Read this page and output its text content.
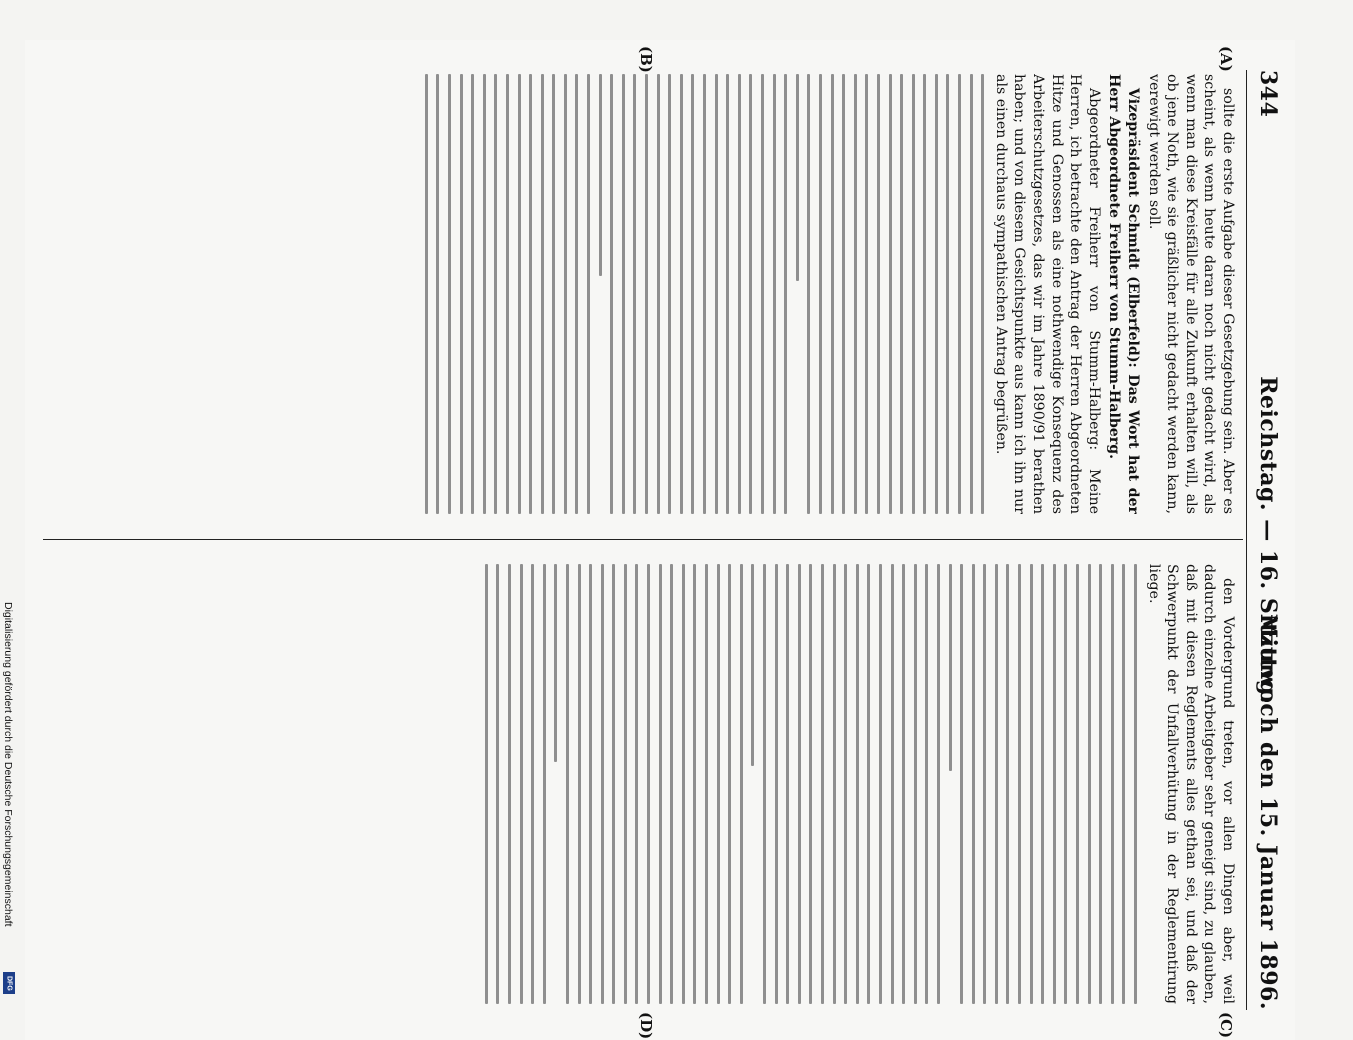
Digitalisierung gefördert durch die Deutsche Forschungsgemeinschaft
DFG
344
Reichstag. — 16. Sitzung.
Mittwoch den 15. Januar 1896.
(A)
(B)
(C)
(D)

sollte die erste Aufgabe dieser Gesetzgebung sein. Aber es scheint, als wenn heute daran noch nicht gedacht wird, als wenn man diese Kreisfälle für alle Zukunft erhalten will, als ob jene Noth, wie sie gräßlicher nicht gedacht werden kann, verewigt werden soll.

Vizepräsident Schmidt (Elberfeld): Das Wort hat der Herr Abgeordnete Freiherr von Stumm-Halberg.

Abgeordneter Freiherr von Stumm-Halberg: Meine Herren, ich betrachte den Antrag der Herren Abgeordneten Hitze und Genossen als eine nothwendige Konsequenz des Arbeiterschutzgesetzes, das wir im Jahre 1890/91 berathen haben; und von diesem Gesichtspunkte aus kann ich ihn nur als einen durchaus sympathischen Antrag begrüßen.

den Vordergrund treten, vor allen Dingen aber, weil dadurch einzelne Arbeitgeber sehr geneigt sind, zu glauben, daß mit diesen Reglements alles gethan sei, und daß der Schwerpunkt der Unfallverhütung in der Reglementirung liege.
